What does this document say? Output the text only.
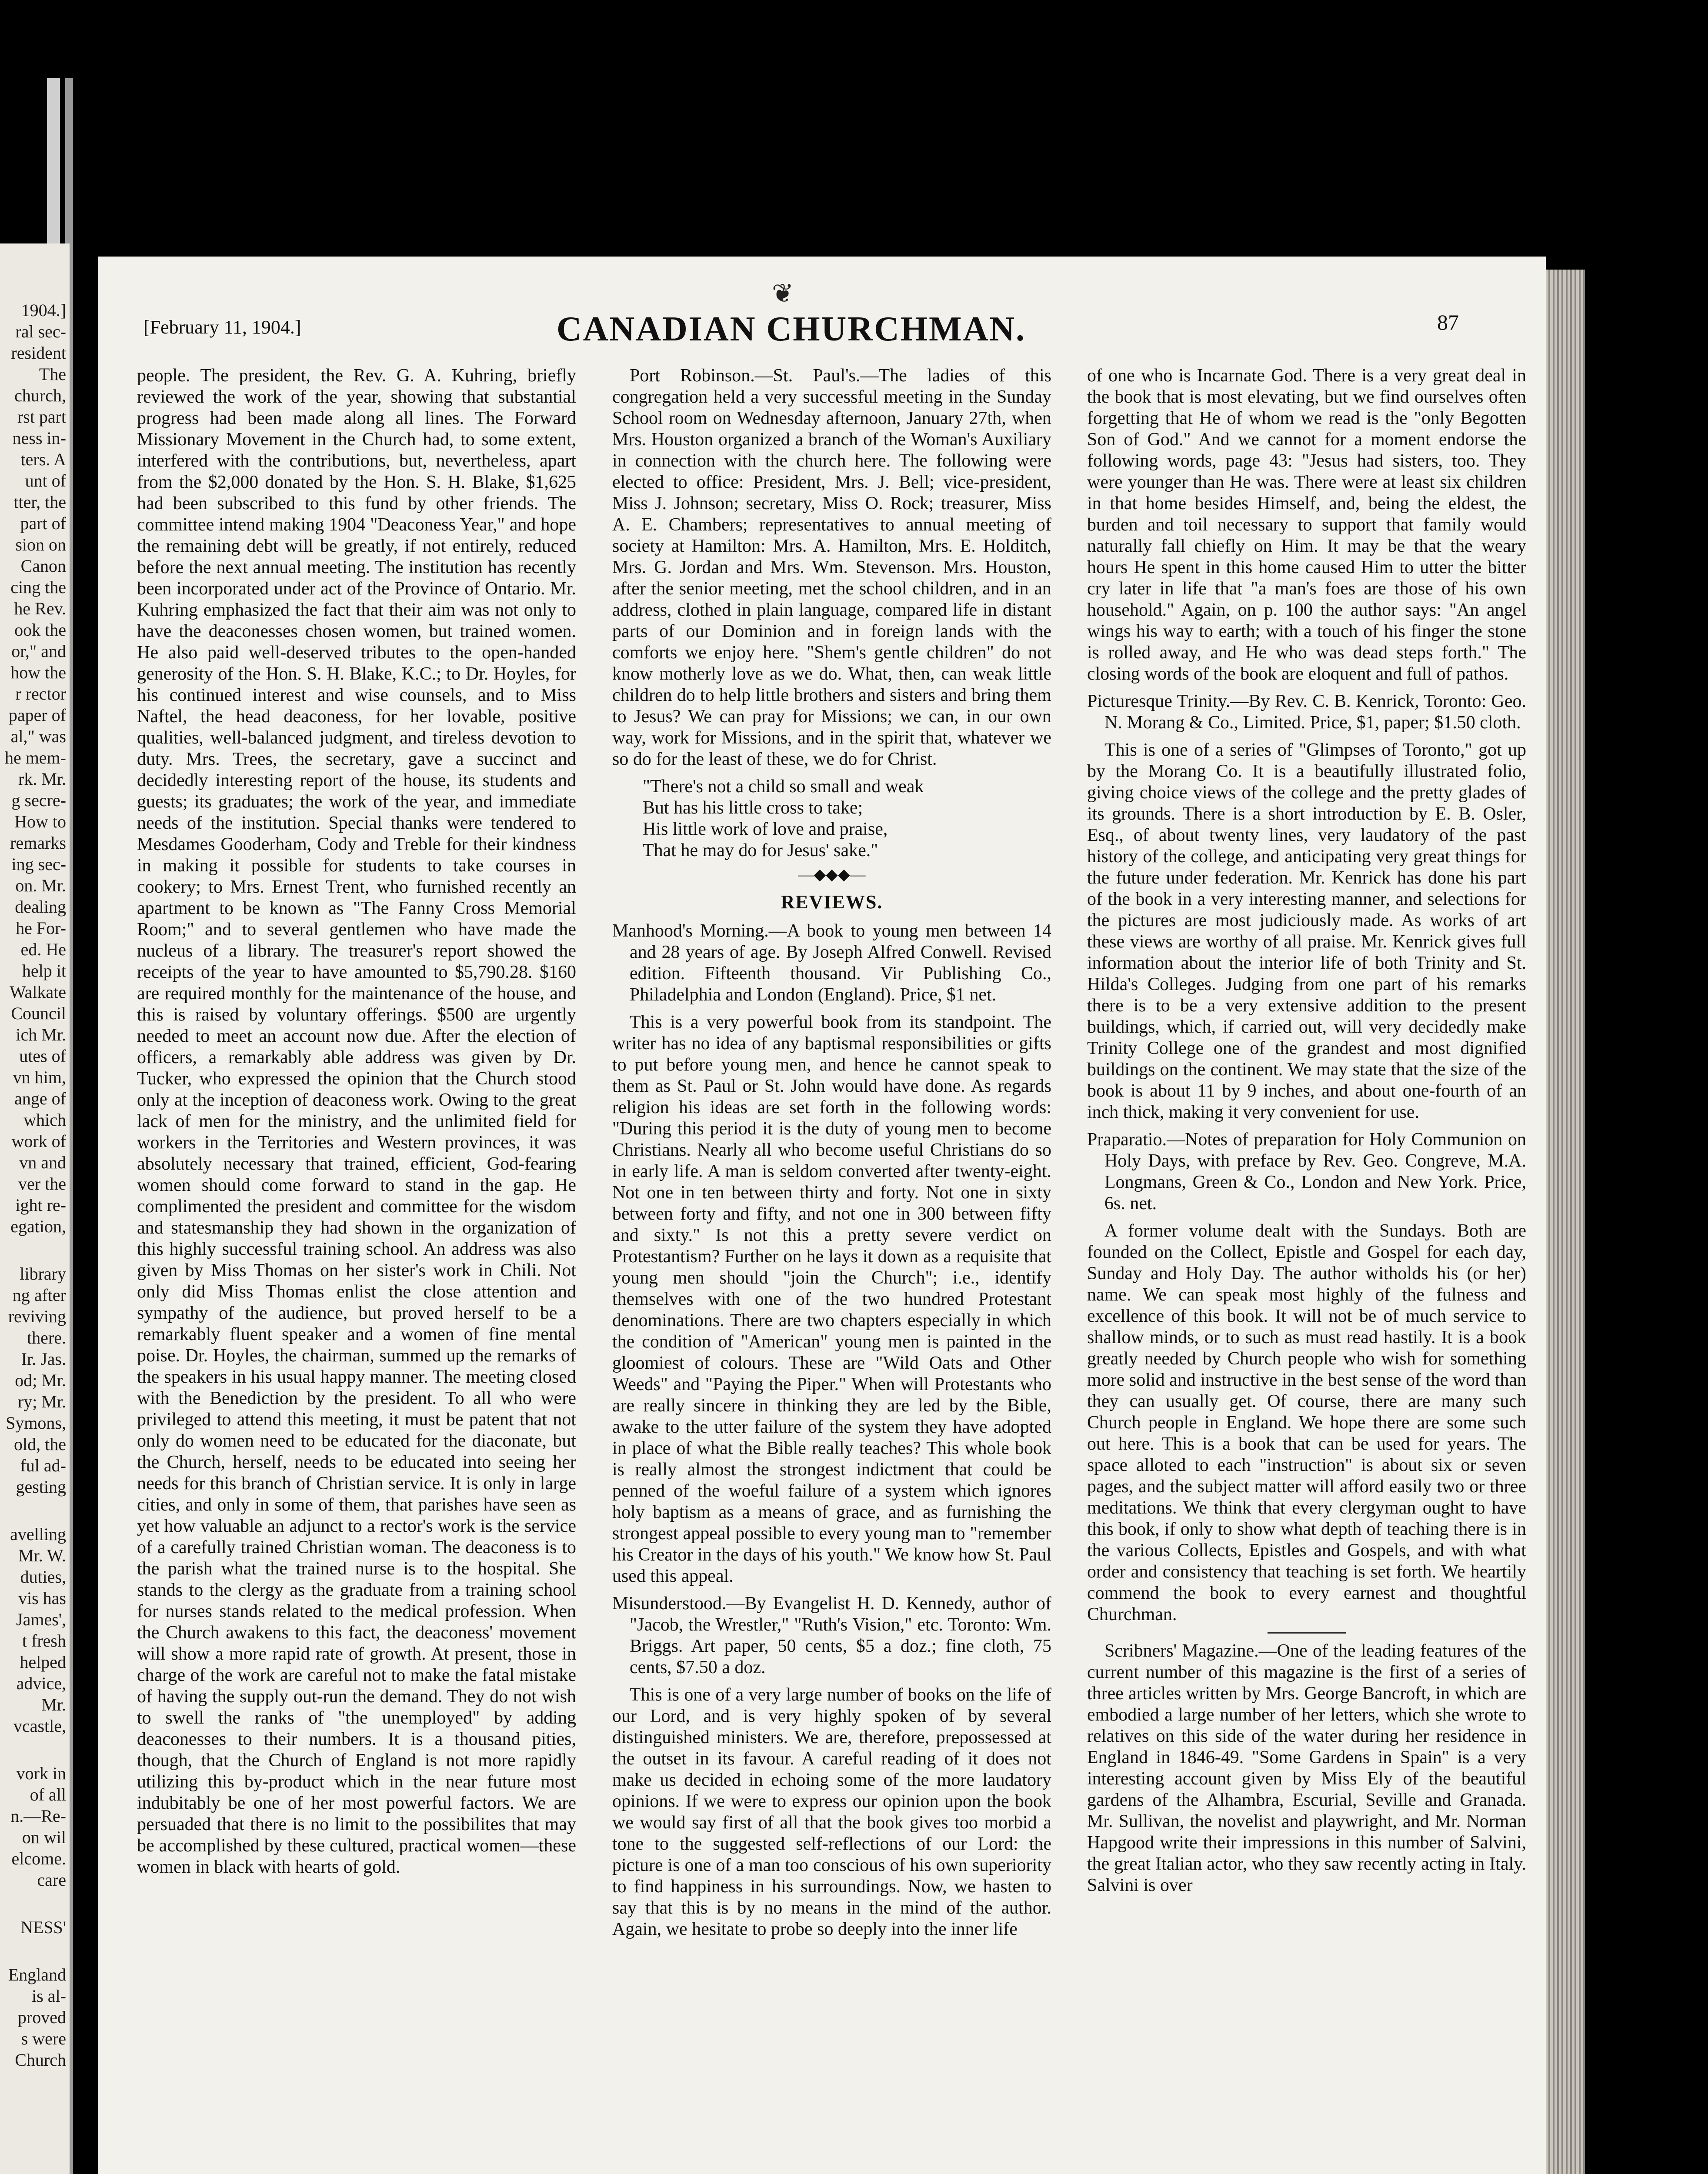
1904.]
ral sec-
resident
The
church,
rst part
ness in-
ters. A
unt of
tter, the
part of
sion on
Canon
cing the
he Rev.
ook the
or," and
how the
r rector
paper of
al," was
he mem-
rk. Mr.
g secre-
How to
remarks
ing sec-
on. Mr.
dealing
he For-
ed. He
help it
Walkate
Council
ich Mr.
utes of
vn him,
ange of
which
work of
vn and
ver the
ight re-
egation,
library
ng after
reviving
there.
Ir. Jas.
od; Mr.
ry; Mr.
Symons,
old, the
ful ad-
gesting
avelling
Mr. W.
duties,
vis has
James',
t fresh
helped
advice,
Mr.
vcastle,
vork in
of all
n.—Re-
on wil
elcome.
care
NESS'
England
is al-
proved
s were
Church
❦
[February 11, 1904.]	CANADIAN CHURCHMAN.	87

people. The president, the Rev. G. A. Kuhring, briefly reviewed the work of the year, showing that substantial progress had been made along all lines. The Forward Missionary Movement in the Church had, to some extent, interfered with the contributions, but, nevertheless, apart from the $2,000 donated by the Hon. S. H. Blake, $1,625 had been subscribed to this fund by other friends. The committee intend making 1904 "Deaconess Year," and hope the remaining debt will be greatly, if not entirely, reduced before the next annual meeting. The institution has recently been incorporated under act of the Province of Ontario. Mr. Kuhring emphasized the fact that their aim was not only to have the deaconesses chosen women, but trained women. He also paid well-deserved tributes to the open-handed generosity of the Hon. S. H. Blake, K.C.; to Dr. Hoyles, for his continued interest and wise counsels, and to Miss Naftel, the head deaconess, for her lovable, positive qualities, well-balanced judgment, and tireless devotion to duty. Mrs. Trees, the secretary, gave a succinct and decidedly interesting report of the house, its students and guests; its graduates; the work of the year, and immediate needs of the institution. Special thanks were tendered to Mesdames Gooderham, Cody and Treble for their kindness in making it possible for students to take courses in cookery; to Mrs. Ernest Trent, who furnished recently an apartment to be known as "The Fanny Cross Memorial Room;" and to several gentlemen who have made the nucleus of a library. The treasurer's report showed the receipts of the year to have amounted to $5,790.28. $160 are required monthly for the maintenance of the house, and this is raised by voluntary offerings. $500 are urgently needed to meet an account now due. After the election of officers, a remarkably able address was given by Dr. Tucker, who expressed the opinion that the Church stood only at the inception of deaconess work. Owing to the great lack of men for the ministry, and the unlimited field for workers in the Territories and Western provinces, it was absolutely necessary that trained, efficient, God-fearing women should come forward to stand in the gap. He complimented the president and committee for the wisdom and statesmanship they had shown in the organization of this highly successful training school. An address was also given by Miss Thomas on her sister's work in Chili. Not only did Miss Thomas enlist the close attention and sympathy of the audience, but proved herself to be a remarkably fluent speaker and a women of fine mental poise. Dr. Hoyles, the chairman, summed up the remarks of the speakers in his usual happy manner. The meeting closed with the Benediction by the president. To all who were privileged to attend this meeting, it must be patent that not only do women need to be educated for the diaconate, but the Church, herself, needs to be educated into seeing her needs for this branch of Christian service. It is only in large cities, and only in some of them, that parishes have seen as yet how valuable an adjunct to a rector's work is the service of a carefully trained Christian woman. The deaconess is to the parish what the trained nurse is to the hospital. She stands to the clergy as the graduate from a training school for nurses stands related to the medical profession. When the Church awakens to this fact, the deaconess' movement will show a more rapid rate of growth. At present, those in charge of the work are careful not to make the fatal mistake of having the supply out-run the demand. They do not wish to swell the ranks of "the unemployed" by adding deaconesses to their numbers. It is a thousand pities, though, that the Church of England is not more rapidly utilizing this by-product which in the near future most indubitably be one of her most powerful factors. We are persuaded that there is no limit to the possibilites that may be accomplished by these cultured, practical women—these women in black with hearts of gold.

Port Robinson.—St. Paul's.—The ladies of this congregation held a very successful meeting in the Sunday School room on Wednesday afternoon, January 27th, when Mrs. Houston organized a branch of the Woman's Auxiliary in connection with the church here. The following were elected to office: President, Mrs. J. Bell; vice-president, Miss J. Johnson; secretary, Miss O. Rock; treasurer, Miss A. E. Chambers; representatives to annual meeting of society at Hamilton: Mrs. A. Hamilton, Mrs. E. Holditch, Mrs. G. Jordan and Mrs. Wm. Stevenson. Mrs. Houston, after the senior meeting, met the school children, and in an address, clothed in plain language, compared life in distant parts of our Dominion and in foreign lands with the comforts we enjoy here. "Shem's gentle children" do not know motherly love as we do. What, then, can weak little children do to help little brothers and sisters and bring them to Jesus? We can pray for Missions; we can, in our own way, work for Missions, and in the spirit that, whatever we so do for the least of these, we do for Christ.

"There's not a child so small and weak
But has his little cross to take;
His little work of love and praise,
That he may do for Jesus' sake."
—◆◆◆—
REVIEWS.
Manhood's Morning.—A book to young men between 14 and 28 years of age. By Joseph Alfred Conwell. Revised edition. Fifteenth thousand. Vir Publishing Co., Philadelphia and London (England). Price, $1 net.

This is a very powerful book from its standpoint. The writer has no idea of any baptismal responsibilities or gifts to put before young men, and hence he cannot speak to them as St. Paul or St. John would have done. As regards religion his ideas are set forth in the following words: "During this period it is the duty of young men to become Christians. Nearly all who become useful Christians do so in early life. A man is seldom converted after twenty-eight. Not one in ten between thirty and forty. Not one in sixty between forty and fifty, and not one in 300 between fifty and sixty." Is not this a pretty severe verdict on Protestantism? Further on he lays it down as a requisite that young men should "join the Church"; i.e., identify themselves with one of the two hundred Protestant denominations. There are two chapters especially in which the condition of "American" young men is painted in the gloomiest of colours. These are "Wild Oats and Other Weeds" and "Paying the Piper." When will Protestants who are really sincere in thinking they are led by the Bible, awake to the utter failure of the system they have adopted in place of what the Bible really teaches? This whole book is really almost the strongest indictment that could be penned of the woeful failure of a system which ignores holy baptism as a means of grace, and as furnishing the strongest appeal possible to every young man to "remember his Creator in the days of his youth." We know how St. Paul used this appeal.

Misunderstood.—By Evangelist H. D. Kennedy, author of "Jacob, the Wrestler," "Ruth's Vision," etc. Toronto: Wm. Briggs. Art paper, 50 cents, $5 a doz.; fine cloth, 75 cents, $7.50 a doz.

This is one of a very large number of books on the life of our Lord, and is very highly spoken of by several distinguished ministers. We are, therefore, prepossessed at the outset in its favour. A careful reading of it does not make us decided in echoing some of the more laudatory opinions. If we were to express our opinion upon the book we would say first of all that the book gives too morbid a tone to the suggested self-reflections of our Lord: the picture is one of a man too conscious of his own superiority to find happiness in his surroundings. Now, we hasten to say that this is by no means in the mind of the author. Again, we hesitate to probe so deeply into the inner life

of one who is Incarnate God. There is a very great deal in the book that is most elevating, but we find ourselves often forgetting that He of whom we read is the "only Begotten Son of God." And we cannot for a moment endorse the following words, page 43: "Jesus had sisters, too. They were younger than He was. There were at least six children in that home besides Himself, and, being the eldest, the burden and toil necessary to support that family would naturally fall chiefly on Him. It may be that the weary hours He spent in this home caused Him to utter the bitter cry later in life that "a man's foes are those of his own household." Again, on p. 100 the author says: "An angel wings his way to earth; with a touch of his finger the stone is rolled away, and He who was dead steps forth." The closing words of the book are eloquent and full of pathos.

Picturesque Trinity.—By Rev. C. B. Kenrick, Toronto: Geo. N. Morang & Co., Limited. Price, $1, paper; $1.50 cloth.

This is one of a series of "Glimpses of Toronto," got up by the Morang Co. It is a beautifully illustrated folio, giving choice views of the college and the pretty glades of its grounds. There is a short introduction by E. B. Osler, Esq., of about twenty lines, very laudatory of the past history of the college, and anticipating very great things for the future under federation. Mr. Kenrick has done his part of the book in a very interesting manner, and selections for the pictures are most judiciously made. As works of art these views are worthy of all praise. Mr. Kenrick gives full information about the interior life of both Trinity and St. Hilda's Colleges. Judging from one part of his remarks there is to be a very extensive addition to the present buildings, which, if carried out, will very decidedly make Trinity College one of the grandest and most dignified buildings on the continent. We may state that the size of the book is about 11 by 9 inches, and about one-fourth of an inch thick, making it very convenient for use.

Praparatio.—Notes of preparation for Holy Communion on Holy Days, with preface by Rev. Geo. Congreve, M.A. Longmans, Green & Co., London and New York. Price, 6s. net.

A former volume dealt with the Sundays. Both are founded on the Collect, Epistle and Gospel for each day, Sunday and Holy Day. The author witholds his (or her) name. We can speak most highly of the fulness and excellence of this book. It will not be of much service to shallow minds, or to such as must read hastily. It is a book greatly needed by Church people who wish for something more solid and instructive in the best sense of the word than they can usually get. Of course, there are many such Church people in England. We hope there are some such out here. This is a book that can be used for years. The space alloted to each "instruction" is about six or seven pages, and the subject matter will afford easily two or three meditations. We think that every clergyman ought to have this book, if only to show what depth of teaching there is in the various Collects, Epistles and Gospels, and with what order and consistency that teaching is set forth. We heartily commend the book to every earnest and thoughtful Churchman.

Scribners' Magazine.—One of the leading features of the current number of this magazine is the first of a series of three articles written by Mrs. George Bancroft, in which are embodied a large number of her letters, which she wrote to relatives on this side of the water during her residence in England in 1846-49. "Some Gardens in Spain" is a very interesting account given by Miss Ely of the beautiful gardens of the Alhambra, Escurial, Seville and Granada. Mr. Sullivan, the novelist and playwright, and Mr. Norman Hapgood write their impressions in this number of Salvini, the great Italian actor, who they saw recently acting in Italy. Salvini is over
